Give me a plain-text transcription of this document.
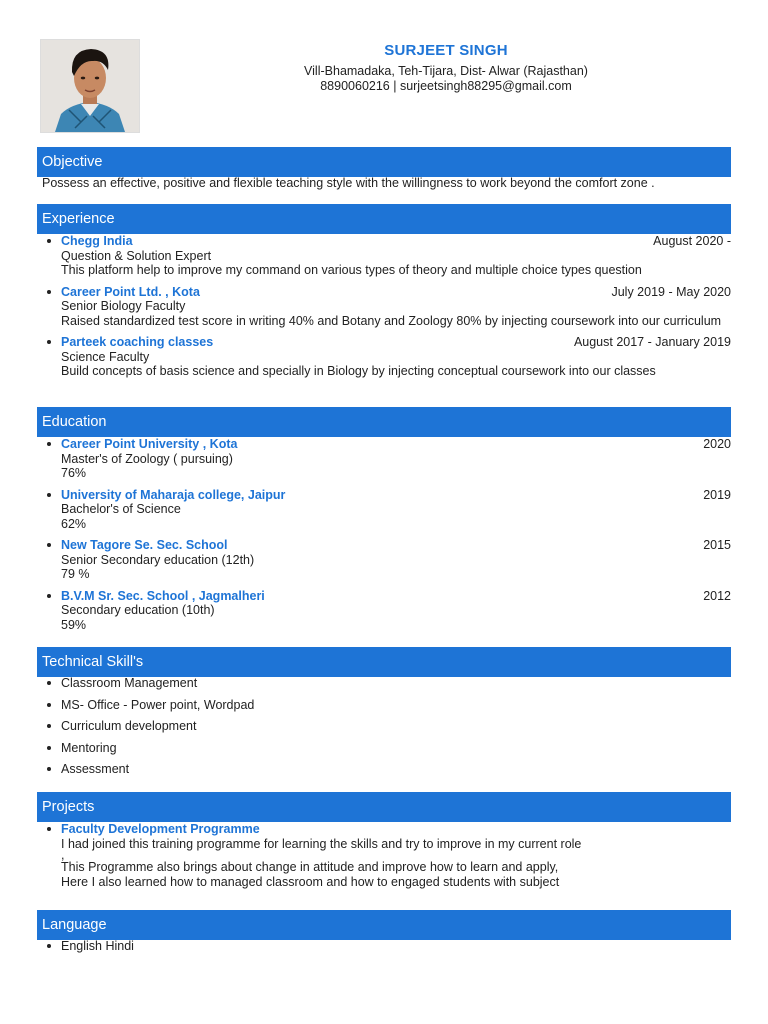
SURJEET SINGH
Vill-Bhamadaka, Teh-Tijara, Dist- Alwar (Rajasthan)
8890060216 | surjeetsingh88295@gmail.com
Objective
Possess an effective, positive and flexible teaching style with the willingness to work beyond the comfort zone .
Experience
Chegg India	August 2020 -
Question & Solution Expert
This platform help to improve my command on various types of theory and multiple choice types question
Career Point Ltd. , Kota	July 2019 - May 2020
Senior Biology Faculty
Raised standardized test score in writing 40% and Botany and Zoology 80% by injecting coursework into our curriculum
Parteek coaching classes	August 2017 - January 2019
Science Faculty
Build concepts of basis science and specially in Biology by injecting conceptual coursework into our classes
Education
Career Point University , Kota	2020
Master's of Zoology ( pursuing)
76%
University of Maharaja college, Jaipur	2019
Bachelor's of Science
62%
New Tagore Se. Sec. School	2015
Senior Secondary education (12th)
79 %
B.V.M Sr. Sec. School , Jagmalheri	2012
Secondary education (10th)
59%
Technical Skill's
Classroom Management
MS- Office - Power point, Wordpad
Curriculum development
Mentoring
Assessment
Projects
Faculty Development Programme
I had joined this training programme for learning the skills and try to improve in my current role
,
This Programme also brings about change in attitude and improve how to learn and apply,
Here I also learned how to managed classroom and how to engaged students with subject
Language
English Hindi
